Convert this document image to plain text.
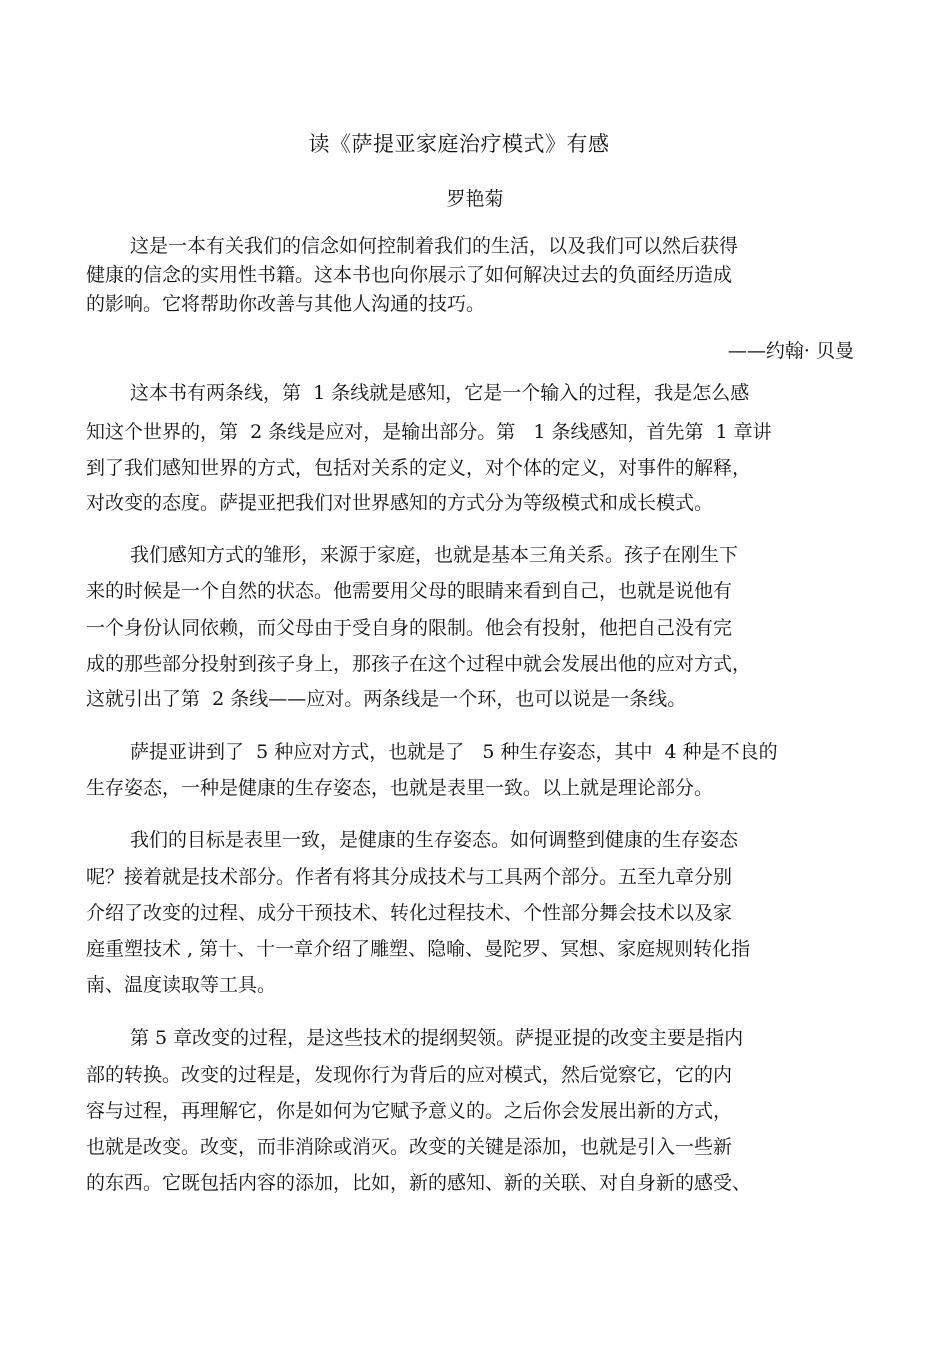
读《萨提亚家庭治疗模式》有感
罗艳菊
这是一本有关我们的信念如何控制着我们的生活，以及我们可以然后获得
健康的信念的实用性书籍。这本书也向你展示了如何解决过去的负面经历造成
的影响。它将帮助你改善与其他人沟通的技巧。
——约翰· 贝曼
这本书有两条线，第  1 条线就是感知，它是一个输入的过程，我是怎么感
知这个世界的，第  2 条线是应对，是输出部分。第   1 条线感知，首先第  1 章讲
到了我们感知世界的方式，包括对关系的定义，对个体的定义，对事件的解释，
对改变的态度。萨提亚把我们对世界感知的方式分为等级模式和成长模式。
我们感知方式的雏形，来源于家庭，也就是基本三角关系。孩子在刚生下
来的时候是一个自然的状态。他需要用父母的眼睛来看到自己，也就是说他有
一个身份认同依赖，而父母由于受自身的限制。他会有投射，他把自己没有完
成的那些部分投射到孩子身上，那孩子在这个过程中就会发展出他的应对方式，
这就引出了第  2 条线——应对。两条线是一个环，也可以说是一条线。
萨提亚讲到了  5 种应对方式，也就是了   5 种生存姿态，其中  4 种是不良的
生存姿态，一种是健康的生存姿态，也就是表里一致。以上就是理论部分。
我们的目标是表里一致，是健康的生存姿态。如何调整到健康的生存姿态
呢？接着就是技术部分。作者有将其分成技术与工具两个部分。五至九章分别
介绍了改变的过程、成分干预技术、转化过程技术、个性部分舞会技术以及家
庭重塑技术 , 第十、十一章介绍了雕塑、隐喻、曼陀罗、冥想、家庭规则转化指
南、温度读取等工具。
第 5 章改变的过程，是这些技术的提纲契领。萨提亚提的改变主要是指内
部的转换。改变的过程是，发现你行为背后的应对模式，然后觉察它，它的内
容与过程，再理解它，你是如何为它赋予意义的。之后你会发展出新的方式，
也就是改变。改变，而非消除或消灭。改变的关键是添加，也就是引入一些新
的东西。它既包括内容的添加，比如，新的感知、新的关联、对自身新的感受、
